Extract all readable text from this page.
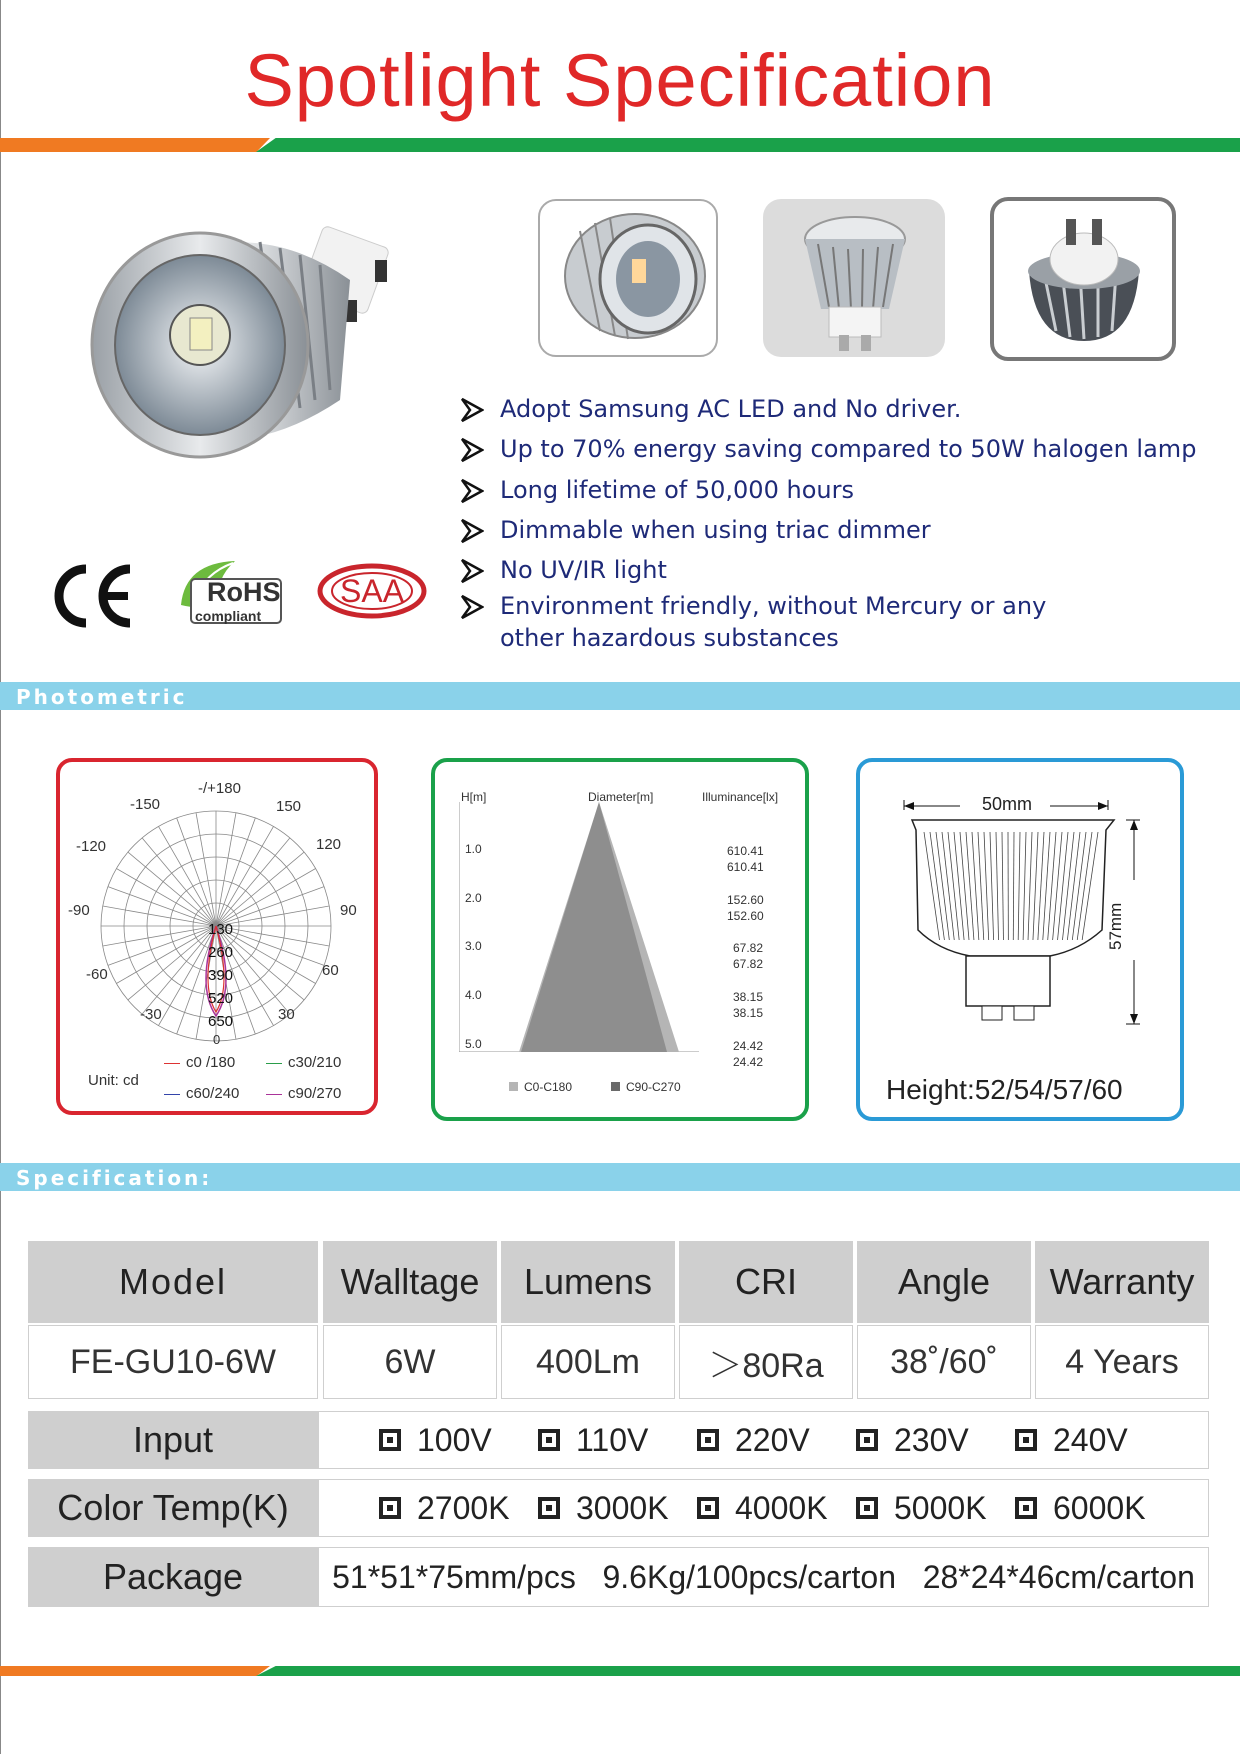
Spotlight Specification
Adopt Samsung AC LED and No driver.
Up to 70% energy saving compared to 50W halogen lamp
Long lifetime of 50,000 hours
Dimmable when using triac dimmer
No UV/IR light
Environment friendly, without Mercury or any
other hazardous substances
RoHS
compliant
SAA
Photometric
-/+180
-150	150
-120	120
-90	90
-60	60
-30	30
0
130
260
390
520
650
Unit: cd
c0 /180	c30/210
c60/240	c90/270
H[m]	Diameter[m]	Illuminance[lx]
1.0
2.0
3.0
4.0
5.0
610.41
610.41
152.60
152.60
67.82
67.82
38.15
38.15
24.42
24.42
C0-C180	C90-C270
50mm
57mm
Height:52/54/57/60
Specification:
Model	Walltage	Lumens	CRI	Angle	Warranty
FE-GU10-6W	6W	400Lm	＞80Ra	38˚/60˚	4 Years
Input	100V	110V	220V	230V	240V
Color Temp(K)	2700K 3000K 4000K 5000K 6000K
Package	51*51*75mm/pcs   9.6Kg/100pcs/carton   28*24*46cm/carton
